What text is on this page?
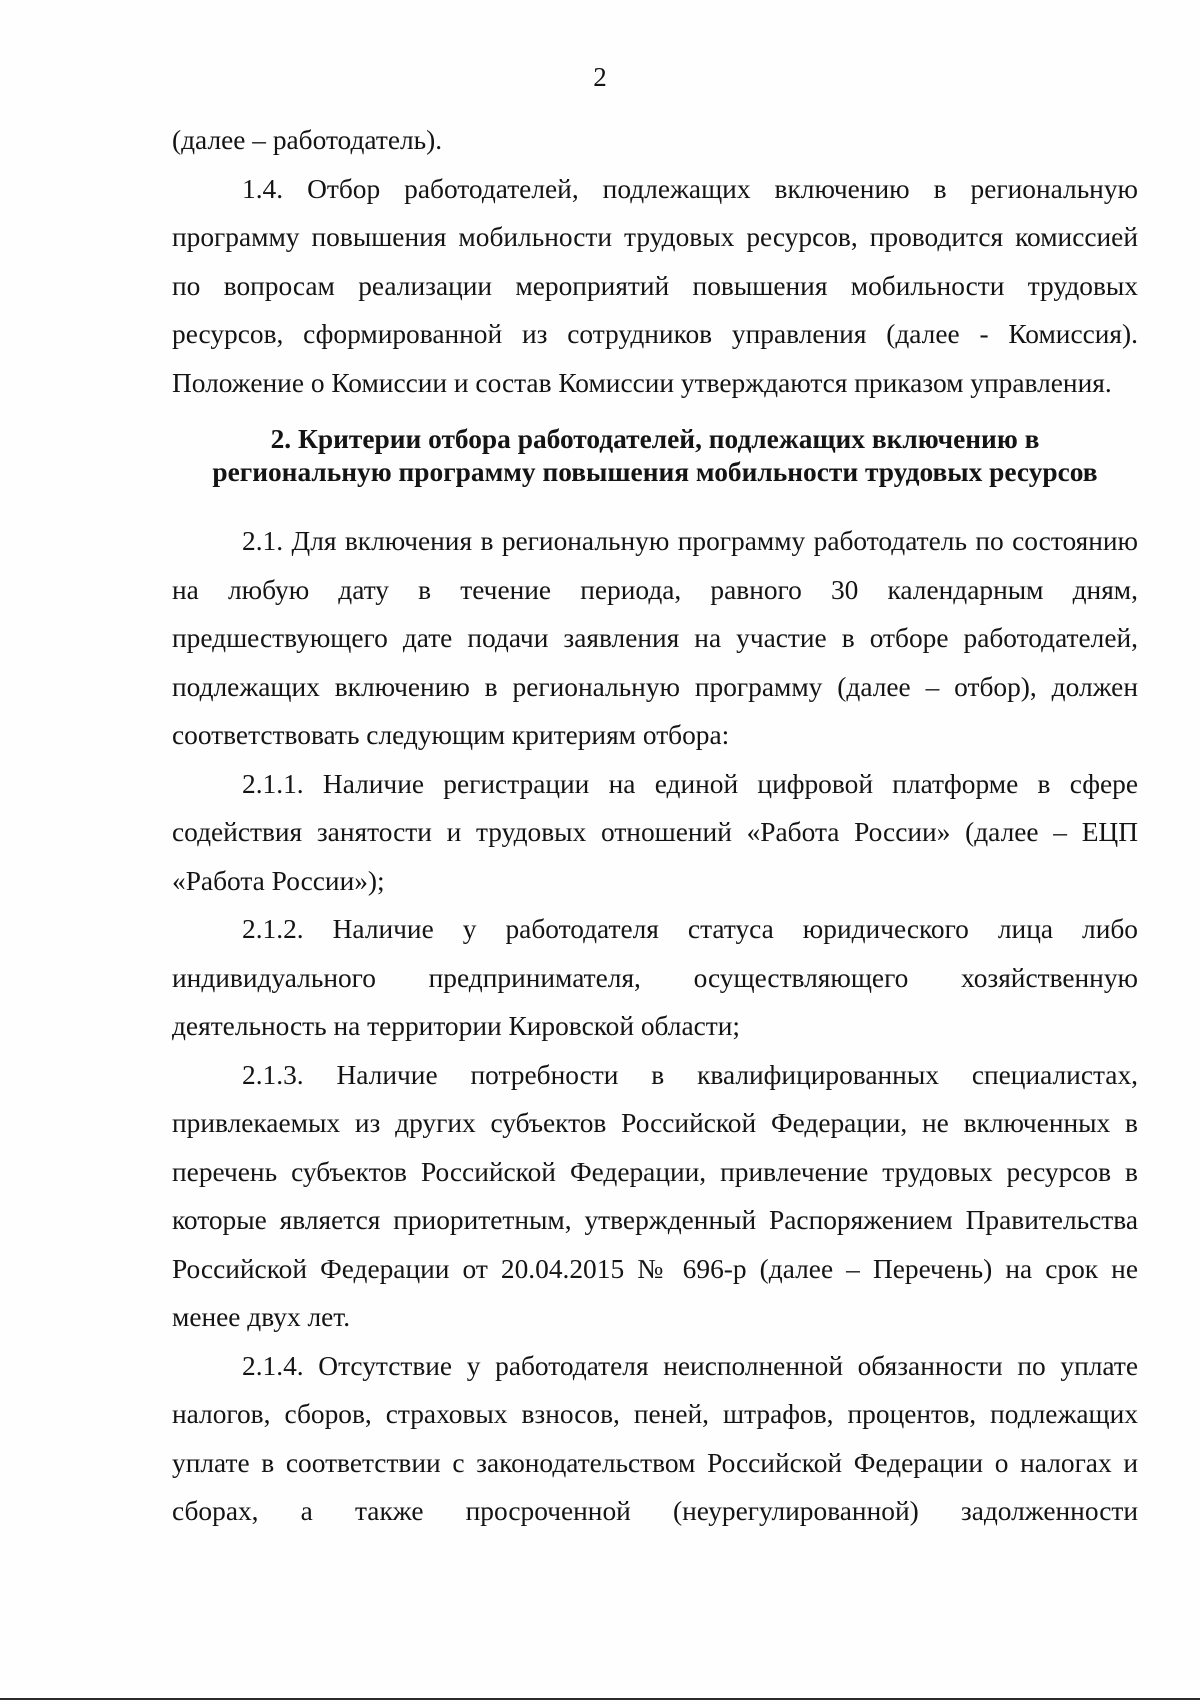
2

(далее – работодатель).

1.4. Отбор работодателей, подлежащих включению в региональную программу повышения мобильности трудовых ресурсов, проводится комиссией по вопросам реализации мероприятий повышения мобильности трудовых ресурсов, сформированной из сотрудников управления (далее - Комиссия). Положение о Комиссии и состав Комиссии утверждаются приказом управления.

2. Критерии отбора работодателей, подлежащих включению в
региональную программу повышения мобильности трудовых ресурсов

2.1. Для включения в региональную программу работодатель по состоянию на любую дату в течение периода, равного 30 календарным дням, предшествующего дате подачи заявления на участие в отборе работодателей, подлежащих включению в региональную программу (далее – отбор), должен соответствовать следующим критериям отбора:

2.1.1. Наличие регистрации на единой цифровой платформе в сфере содействия занятости и трудовых отношений «Работа России» (далее – ЕЦП «Работа России»);

2.1.2. Наличие у работодателя статуса юридического лица либо индивидуального предпринимателя, осуществляющего хозяйственную деятельность на территории Кировской области;

2.1.3. Наличие потребности в квалифицированных специалистах, привлекаемых из других субъектов Российской Федерации, не включенных в перечень субъектов Российской Федерации, привлечение трудовых ресурсов в которые является приоритетным, утвержденный Распоряжением Правительства Российской Федерации от 20.04.2015 № 696-р (далее – Перечень) на срок не менее двух лет.

2.1.4. Отсутствие у работодателя неисполненной обязанности по уплате налогов, сборов, страховых взносов, пеней, штрафов, процентов, подлежащих уплате в соответствии с законодательством Российской Федерации о налогах и сборах, а также просроченной (неурегулированной) задолженности
